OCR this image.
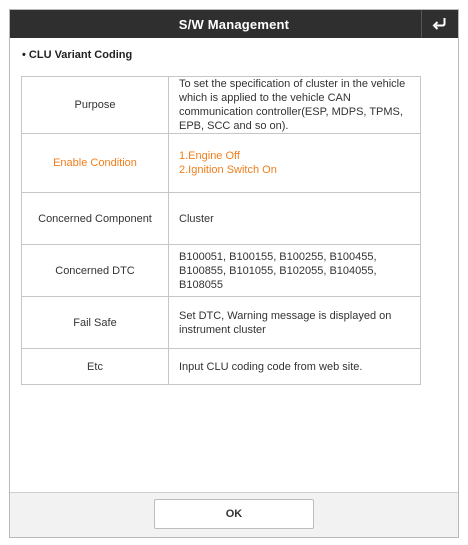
S/W Management
• CLU Variant Coding
Purpose	To set the specification of cluster in the vehicle which is applied to the vehicle CAN communication controller(ESP, MDPS, TPMS, EPB, SCC and so on).
Enable Condition	1.Engine Off
2.Ignition Switch On

Concerned Component	Cluster
Concerned DTC	B100051, B100155, B100255, B100455, B100855, B101055, B102055, B104055, B108055
Fail Safe	Set DTC, Warning message is displayed on instrument cluster
Etc	Input CLU coding code from web site.
OK
